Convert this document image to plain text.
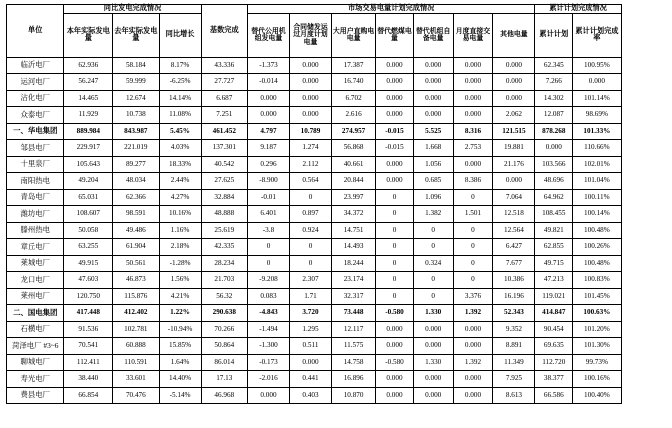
单位	同比发电完成情况			基数完成	市场交易电量计划完成情况							累计计划完成情况	
	本年实际发电量	去年实际发电量	同比增长		替代公用机组发电量	合同储发运过月度计划电量	大用户直购电电量	替代燃煤电量	替代机组自备电量	月度直接交易电量	其他电量	累计计划	累计计划完成率
临沂电厂	62.936	58.184	8.17%	43.336	-1.373	0.000	17.387	0.000	0.000	0.000	0.000	62.345	100.95%
运河电厂	56.247	59.999	-6.25%	27.727	-0.014	0.000	16.740	0.000	0.000	0.000	0.000	7.266	0.000
沾化电厂	14.465	12.674	14.14%	6.687	0.000	0.000	6.702	0.000	0.000	0.000	0.000	14.302	101.14%
众泰电厂	11.929	10.738	11.08%	7.251	0.000	0.000	2.616	0.000	0.000	0.000	2.062	12.087	98.69%
一、华电集团	889.984	843.987	5.45%	461.452	4.797	10.789	274.957	-0.015	5.525	8.316	121.515	878.268	101.33%
邹县电厂	229.917	221.019	4.03%	137.301	9.187	1.274	56.868	-0.015	1.668	2.753	19.881	0.000	110.66%
十里泉厂	105.643	89.277	18.33%	40.542	0.296	2.112	40.661	0.000	1.056	0.000	21.176	103.566	102.01%
南阳热电	49.204	48.034	2.44%	27.625	-8.900	0.564	20.844	0.000	0.685	8.386	0.000	48.696	101.04%
青岛电厂	65.031	62.366	4.27%	32.884	-0.01	0	23.997	0	1.096	0	7.064	64.962	100.11%
潍坊电厂	108.607	98.591	10.16%	48.888	6.401	0.897	34.372	0	1.382	1.501	12.518	108.455	100.14%
滕州热电	50.058	49.486	1.16%	25.619	-3.8	0.924	14.751	0	0	0	12.564	49.821	100.48%
章丘电厂	63.255	61.904	2.18%	42.335	0	0	14.493	0	0	0	6.427	62.855	100.26%
莱城电厂	49.915	50.561	-1.28%	28.234	0	0	18.244	0	0.324	0	7.677	49.715	100.48%
龙口电厂	47.603	46.873	1.56%	21.703	-9.208	2.307	23.174	0	0	0	10.386	47.213	100.83%
莱州电厂	120.750	115.876	4.21%	56.32	0.083	1.71	32.317	0	0	3.376	16.196	119.021	101.45%
二、国电集团	417.448	412.402	1.22%	290.638	-4.843	3.720	73.448	-0.580	1.330	1.392	52.343	414.847	100.63%
石横电厂	91.536	102.781	-10.94%	70.266	-1.494	1.295	12.117	0.000	0.000	0.000	9.352	90.454	101.20%
菏泽电厂 #3~6	70.541	60.888	15.85%	50.864	-1.300	0.511	11.575	0.000	0.000	0.000	8.891	69.635	101.30%
聊城电厂	112.411	110.591	1.64%	86.014	-0.173	0.000	14.758	-0.580	1.330	1.392	11.349	112.720	99.73%
寿光电厂	38.440	33.601	14.40%	17.13	-2.016	0.441	16.896	0.000	0.000	0.000	7.925	38.377	100.16%
费县电厂	66.854	70.476	-5.14%	46.968	0.000	0.403	10.870	0.000	0.000	0.000	8.613	66.586	100.40%
